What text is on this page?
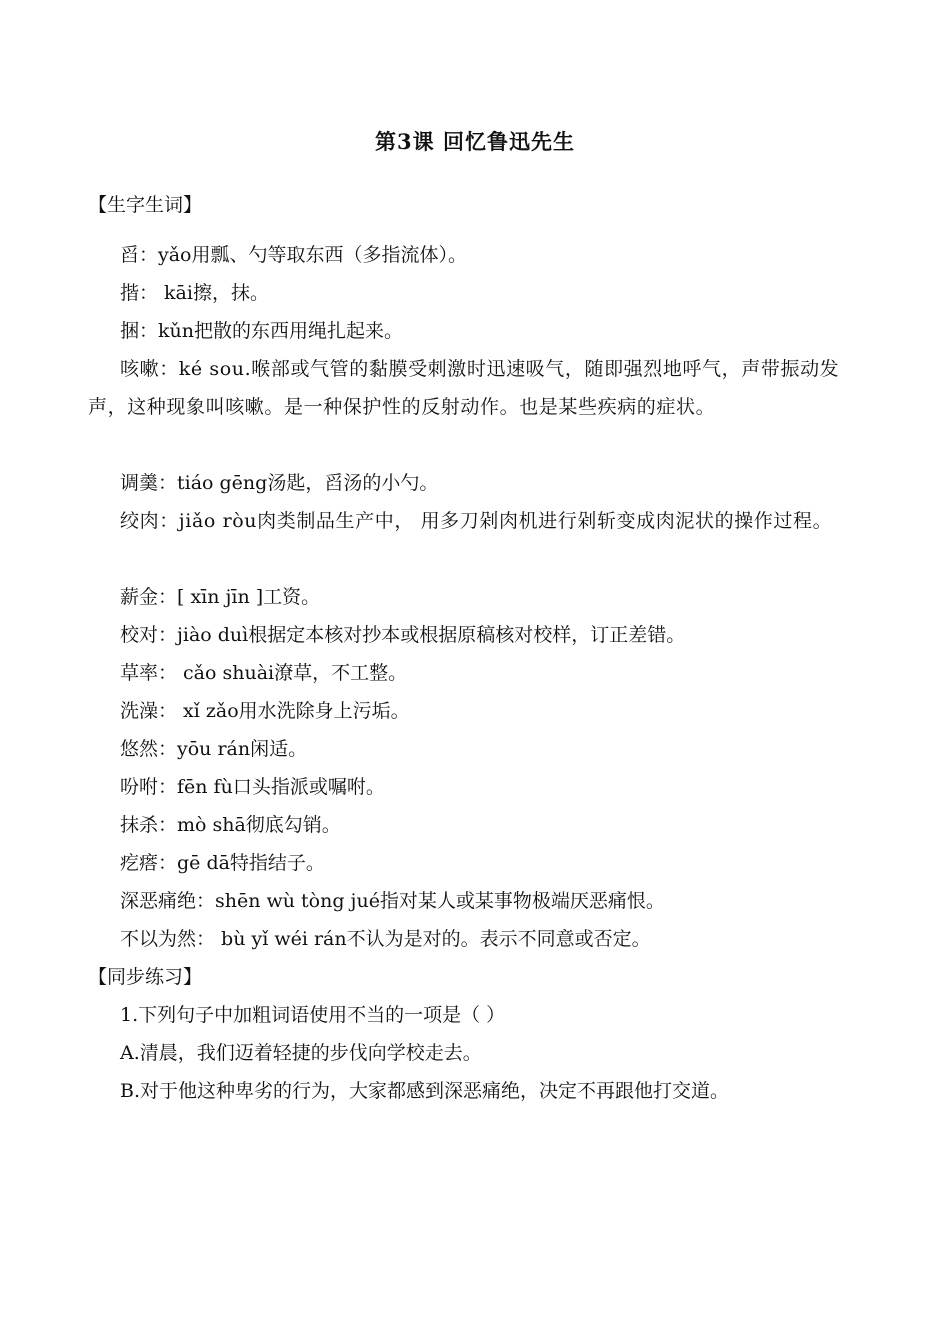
第3课 回忆鲁迅先生
【生字生词】
舀：yǎo用瓢、勺等取东西（多指流体）。
揩： kāi擦，抹。
捆：kǔn把散的东西用绳扎起来。
咳嗽：ké sou.喉部或气管的黏膜受刺激时迅速吸气，随即强烈地呼气，声带振动发声，这种现象叫咳嗽。是一种保护性的反射动作。也是某些疾病的症状。
调羹：tiáo gēng汤匙，舀汤的小勺。
绞肉：jiǎo ròu肉类制品生产中， 用多刀剁肉机进行剁斩变成肉泥状的操作过程。
薪金：[ xīn jīn ]工资。
校对：jiào duì根据定本核对抄本或根据原稿核对校样，订正差错。
草率： cǎo shuài潦草，不工整。
洗澡： xǐ zǎo用水洗除身上污垢。
悠然：yōu rán闲适。
吩咐：fēn fù口头指派或嘱咐。
抹杀：mò shā彻底勾销。
疙瘩：gē dā特指结子。
深恶痛绝：shēn wù tòng jué指对某人或某事物极端厌恶痛恨。
不以为然： bù yǐ wéi rán不认为是对的。表示不同意或否定。
【同步练习】
1.下列句子中加粗词语使用不当的一项是（ ）
A.清晨，我们迈着轻捷的步伐向学校走去。
B.对于他这种卑劣的行为，大家都感到深恶痛绝，决定不再跟他打交道。
